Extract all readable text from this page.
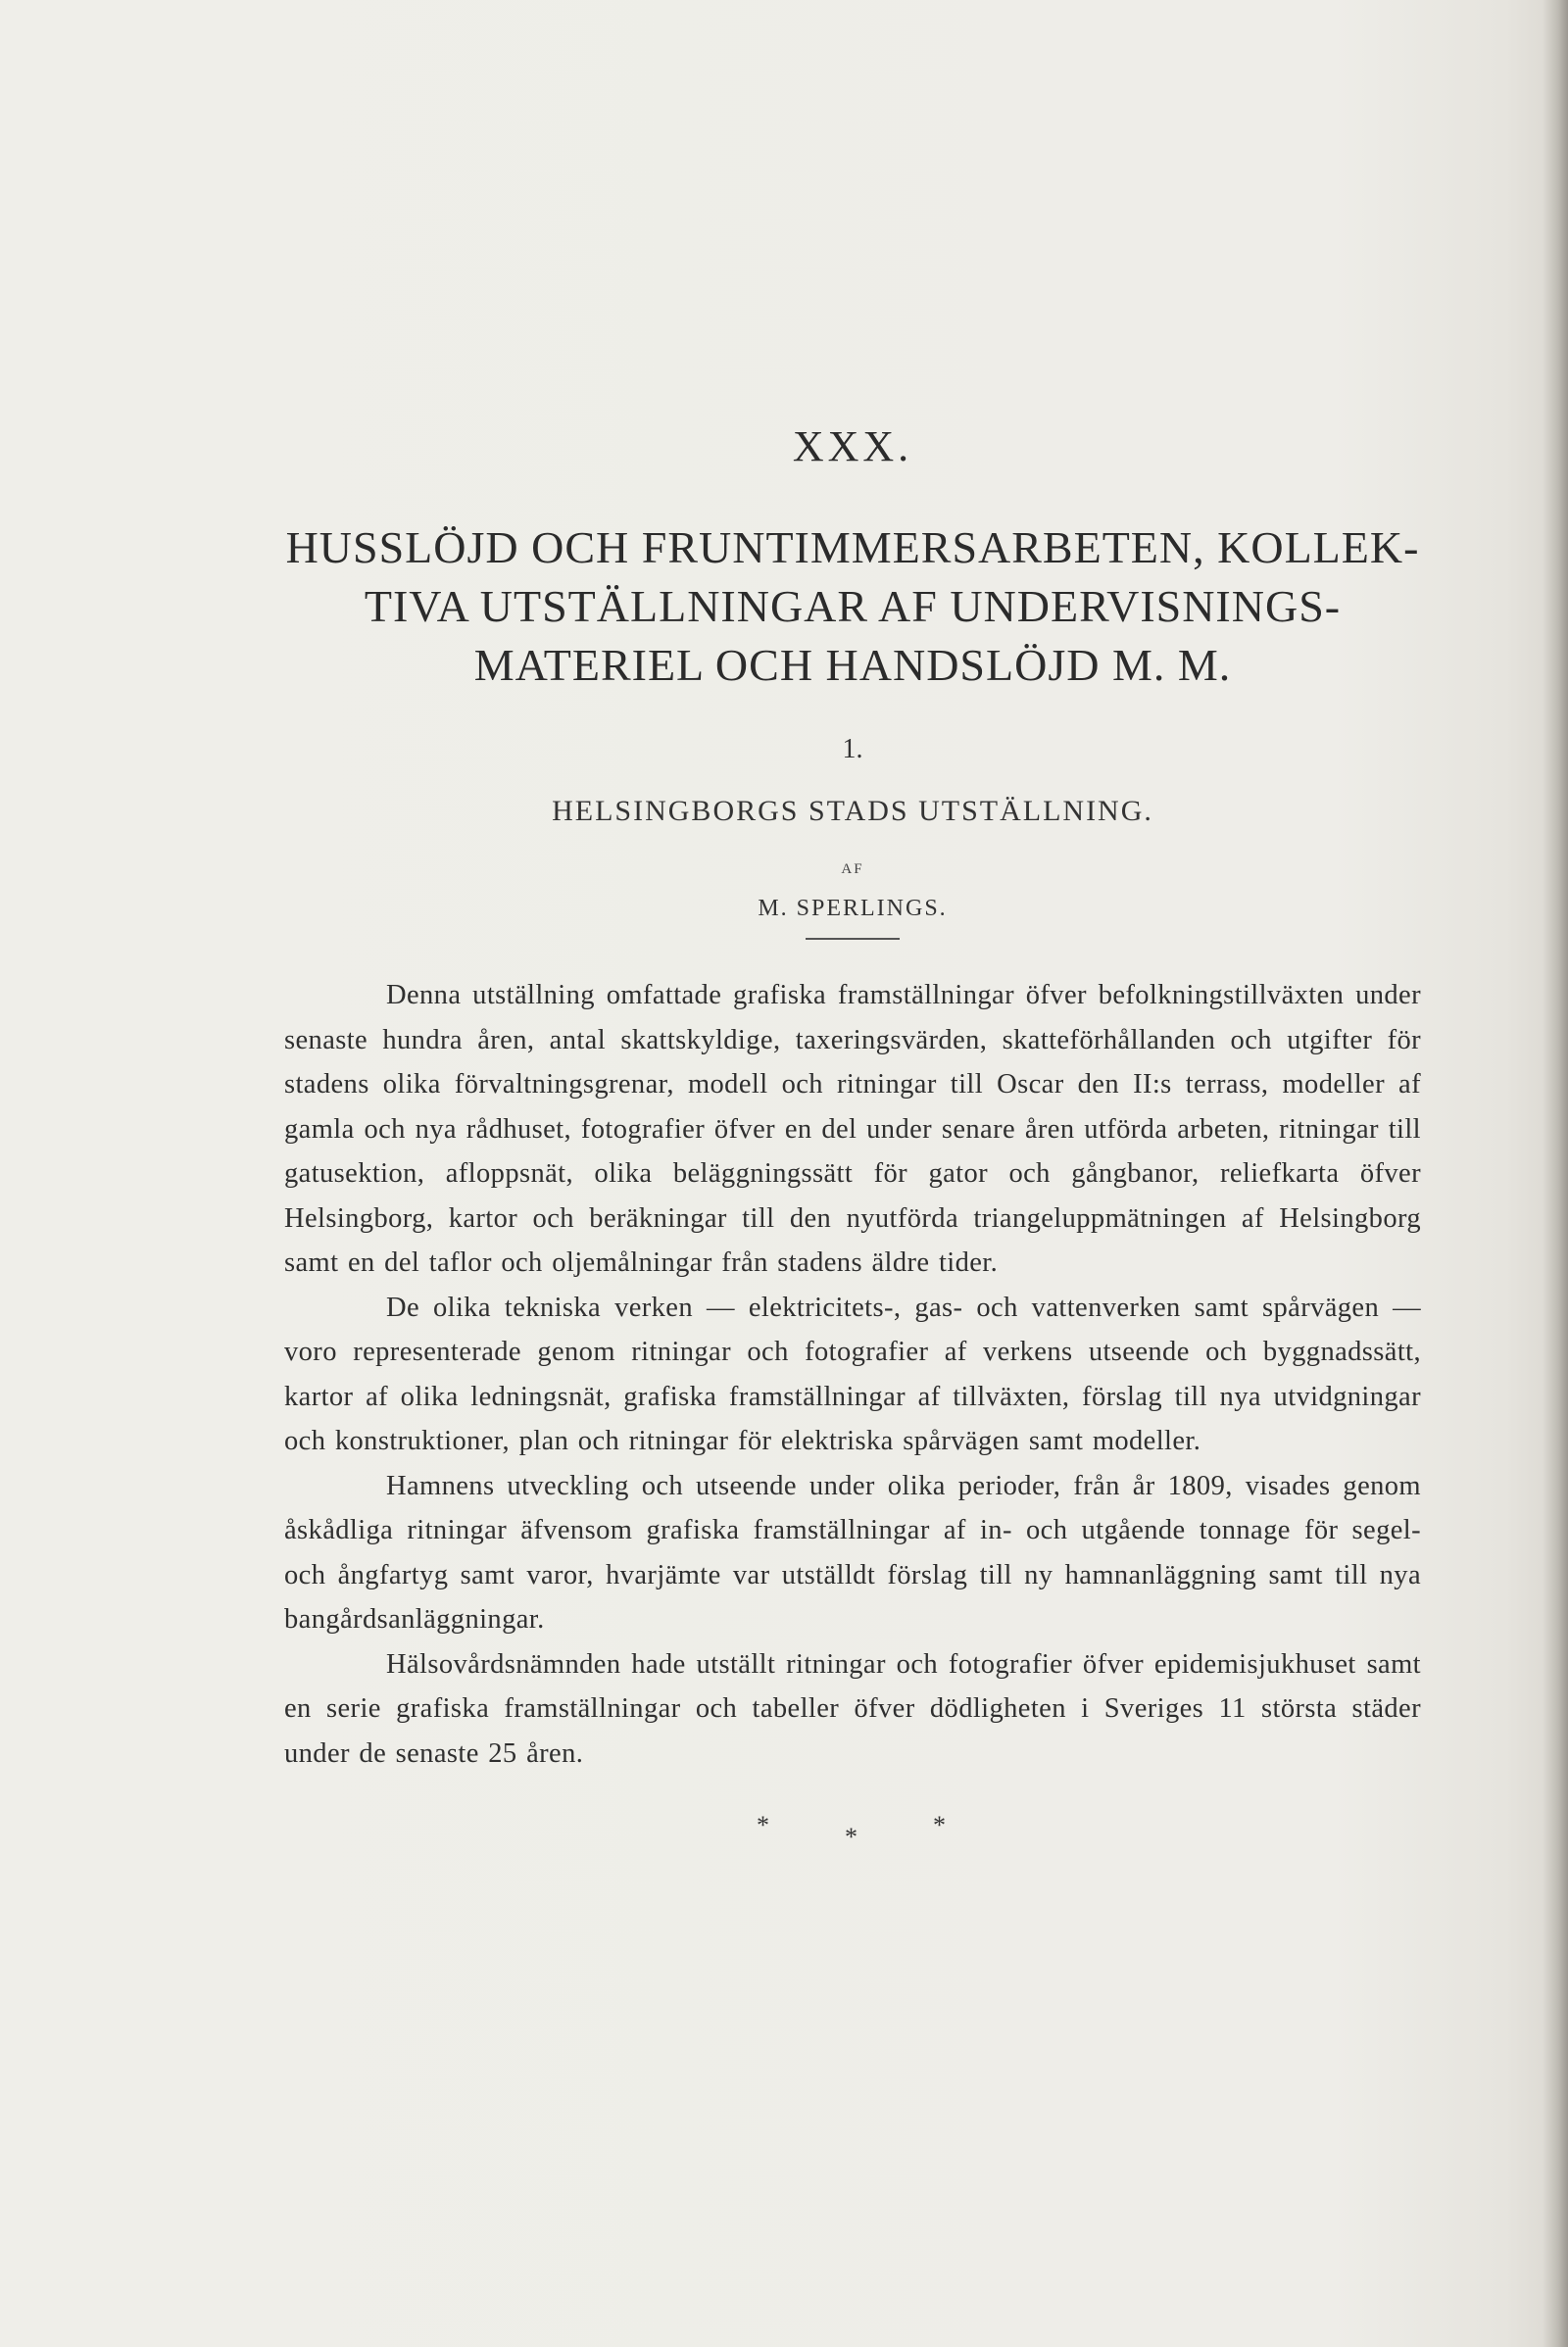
XXX.
HUSSLÖJD OCH FRUNTIMMERSARBETEN, KOLLEK-
TIVA UTSTÄLLNINGAR AF UNDERVISNINGS-
MATERIEL OCH HANDSLÖJD M. M.
1.
HELSINGBORGS STADS UTSTÄLLNING.
AF
M. SPERLINGS.

Denna utställning omfattade grafiska framställningar öfver befolkningstillväxten under senaste hundra åren, antal skattskyldige, taxeringsvärden, skatteförhållanden och utgifter för stadens olika förvaltningsgrenar, modell och ritningar till Oscar den II:s terrass, modeller af gamla och nya rådhuset, fotografier öfver en del under senare åren utförda arbeten, ritningar till gatusektion, afloppsnät, olika beläggningssätt för gator och gångbanor, reliefkarta öfver Helsingborg, kartor och beräkningar till den nyutförda triangeluppmätningen af Helsingborg samt en del taflor och oljemålningar från stadens äldre tider.

De olika tekniska verken — elektricitets-, gas- och vattenverken samt spårvägen — voro representerade genom ritningar och fotografier af verkens utseende och byggnadssätt, kartor af olika ledningsnät, grafiska framställningar af tillväxten, förslag till nya utvidgningar och konstruktioner, plan och ritningar för elektriska spårvägen samt modeller.

Hamnens utveckling och utseende under olika perioder, från år 1809, visades genom åskådliga ritningar äfvensom grafiska framställningar af in- och utgående tonnage för segel- och ångfartyg samt varor, hvarjämte var utställdt förslag till ny hamnanläggning samt till nya bangårdsanläggningar.

Hälsovårdsnämnden hade utställt ritningar och fotografier öfver epidemisjukhuset samt en serie grafiska framställningar och tabeller öfver dödligheten i Sveriges 11 största städer under de senaste 25 åren.

*	*	*
